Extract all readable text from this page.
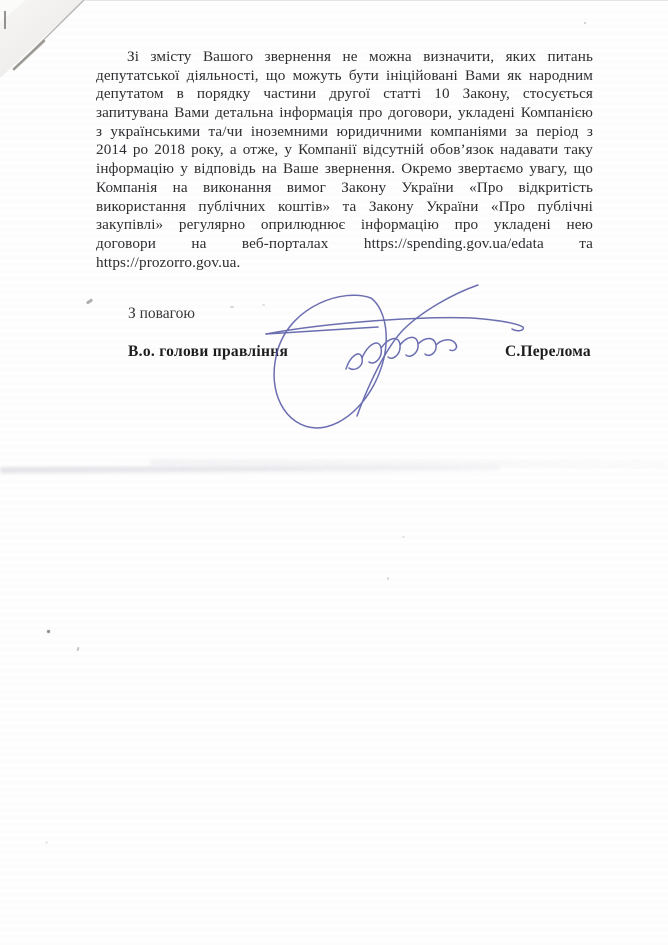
Зі змісту Вашого звернення не можна визначити, яких питань
депутатської діяльності, що можуть бути ініційовані Вами як народним
депутатом в порядку частини другої статті 10 Закону, стосується
запитувана Вами детальна інформація про договори, укладені Компанією
з українськими та/чи іноземними юридичними компаніями за період з
2014 ро 2018 року, а отже, у Компанії відсутній обов’язок надавати таку
інформацію у відповідь на Ваше звернення. Окремо звертаємо увагу, що
Компанія на виконання вимог Закону України «Про відкритість
використання публічних коштів» та Закону України «Про публічні
закупівлі» регулярно оприлюднює інформацію про укладені нею
договори на веб-порталах https://spending.gov.ua/edata та
https://prozorro.gov.ua.
З повагою
В.о. голови правління	С.Перелома
